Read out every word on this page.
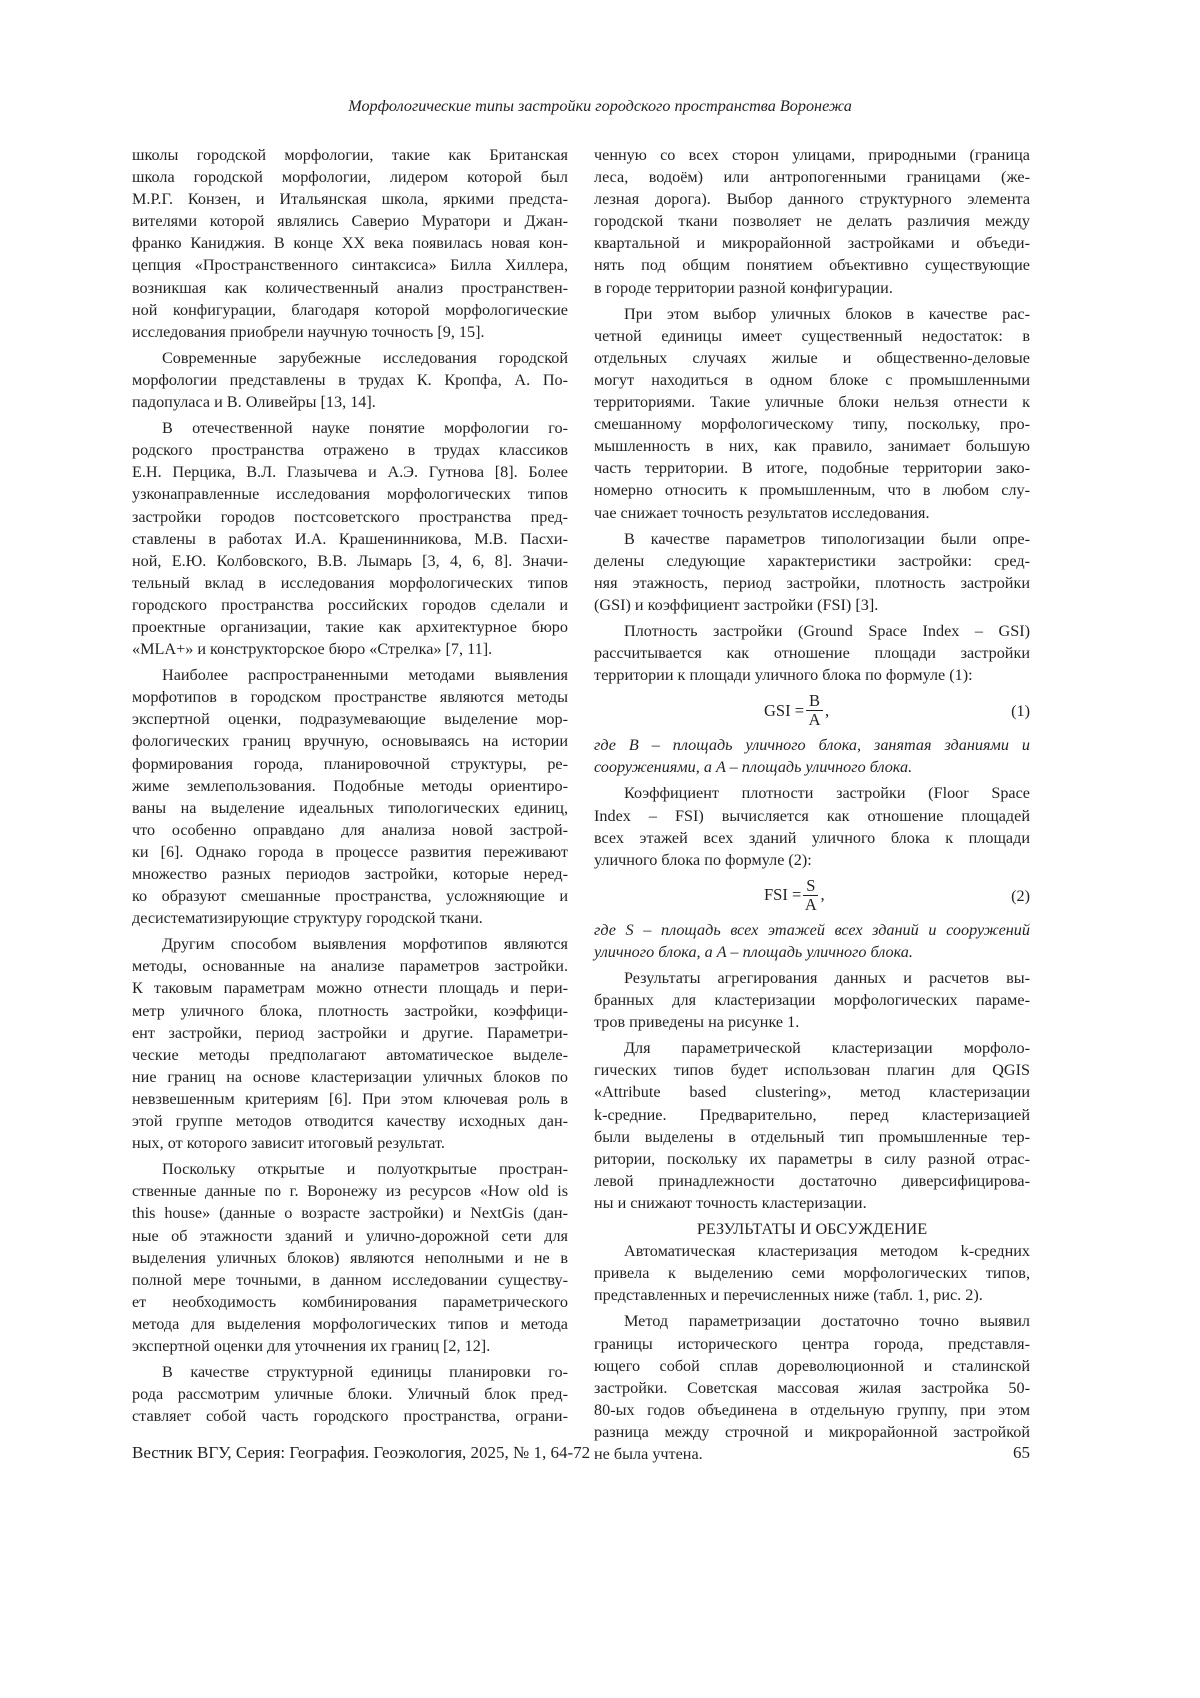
Морфологические типы застройки городского пространства Воронежа
школы городской морфологии, такие как Британская
школа городской морфологии, лидером которой был
М.Р.Г. Конзен, и Итальянская школа, яркими предста-
вителями которой являлись Саверио Муратори и Джан-
франко Каниджия. В конце XX века появилась новая кон-
цепция «Пространственного синтаксиса» Билла Хиллера,
возникшая как количественный анализ пространствен-
ной конфигурации, благодаря которой морфологические
исследования приобрели научную точность [9, 15].
Современные зарубежные исследования городской
морфологии представлены в трудах К. Кропфа, А. По-
падопуласа и В. Оливейры [13, 14].
В отечественной науке понятие морфологии го-
родского пространства отражено в трудах классиков
Е.Н. Перцика, В.Л. Глазычева и А.Э. Гутнова [8]. Более
узконаправленные исследования морфологических типов
застройки городов постсоветского пространства пред-
ставлены в работах И.А. Крашенинникова, М.В. Пасхи-
ной, Е.Ю. Колбовского, В.В. Лымарь [3, 4, 6, 8]. Значи-
тельный вклад в исследования морфологических типов
городского пространства российских городов сделали и
проектные организации, такие как архитектурное бюро
«MLA+» и конструкторское бюро «Стрелка» [7, 11].
Наиболее распространенными методами выявления
морфотипов в городском пространстве являются методы
экспертной оценки, подразумевающие выделение мор-
фологических границ вручную, основываясь на истории
формирования города, планировочной структуры, ре-
жиме землепользования. Подобные методы ориентиро-
ваны на выделение идеальных типологических единиц,
что особенно оправдано для анализа новой застрой-
ки [6]. Однако города в процессе развития переживают
множество разных периодов застройки, которые неред-
ко образуют смешанные пространства, усложняющие и
десистематизирующие структуру городской ткани.
Другим способом выявления морфотипов являются
методы, основанные на анализе параметров застройки.
К таковым параметрам можно отнести площадь и пери-
метр уличного блока, плотность застройки, коэффици-
ент застройки, период застройки и другие. Параметри-
ческие методы предполагают автоматическое выделе-
ние границ на основе кластеризации уличных блоков по
невзвешенным критериям [6]. При этом ключевая роль в
этой группе методов отводится качеству исходных дан-
ных, от которого зависит итоговый результат.
Поскольку открытые и полуоткрытые простран-
ственные данные по г. Воронежу из ресурсов «How old is
this house» (данные о возрасте застройки) и NextGis (дан-
ные об этажности зданий и улично-дорожной сети для
выделения уличных блоков) являются неполными и не в
полной мере точными, в данном исследовании существу-
ет необходимость комбинирования параметрического
метода для выделения морфологических типов и метода
экспертной оценки для уточнения их границ [2, 12].
В качестве структурной единицы планировки го-
рода рассмотрим уличные блоки. Уличный блок пред-
ставляет собой часть городского пространства, ограни-
ченную со всех сторон улицами, природными (граница
леса, водоём) или антропогенными границами (же-
лезная дорога). Выбор данного структурного элемента
городской ткани позволяет не делать различия между
квартальной и микрорайонной застройками и объеди-
нять под общим понятием объективно существующие
в городе территории разной конфигурации.
При этом выбор уличных блоков в качестве рас-
четной единицы имеет существенный недостаток: в
отдельных случаях жилые и общественно-деловые
могут находиться в одном блоке с промышленными
территориями. Такие уличные блоки нельзя отнести к
смешанному морфологическому типу, поскольку, про-
мышленность в них, как правило, занимает большую
часть территории. В итоге, подобные территории зако-
номерно относить к промышленным, что в любом слу-
чае снижает точность результатов исследования.
В качестве параметров типологизации были опре-
делены следующие характеристики застройки: сред-
няя этажность, период застройки, плотность застройки
(GSI) и коэффициент застройки (FSI) [3].
Плотность застройки (Ground Space Index – GSI)
рассчитывается как отношение площади застройки
территории к площади уличного блока по формуле (1):
GSI = B
A
,	(1)
где B – площадь уличного блока, занятая зданиями и
сооружениями, а A – площадь уличного блока.
Коэффициент плотности застройки (Floor Space
Index – FSI) вычисляется как отношение площадей
всех этажей всех зданий уличного блока к площади
уличного блока по формуле (2):
FSI = S
A
,	(2)
где S – площадь всех этажей всех зданий и сооружений
уличного блока, а A – площадь уличного блока.
Результаты агрегирования данных и расчетов вы-
бранных для кластеризации морфологических параме-
тров приведены на рисунке 1.
Для параметрической кластеризации морфоло-
гических типов будет использован плагин для QGIS
«Attribute based clustering», метод кластеризации
k-средние. Предварительно, перед кластеризацией
были выделены в отдельный тип промышленные тер-
ритории, поскольку их параметры в силу разной отрас-
левой принадлежности достаточно диверсифицирова-
ны и снижают точность кластеризации.
РЕЗУЛЬТАТЫ И ОБСУЖДЕНИЕ
Автоматическая кластеризация методом k-средних
привела к выделению семи морфологических типов,
представленных и перечисленных ниже (табл. 1, рис. 2).
Метод параметризации достаточно точно выявил
границы исторического центра города, представля-
ющего собой сплав дореволюционной и сталинской
застройки. Советская массовая жилая застройка 50-
80-ых годов объединена в отдельную группу, при этом
разница между строчной и микрорайонной застройкой
не была учтена.
Вестник ВГУ, Серия: География. Геоэкология, 2025, № 1, 64-72	65
